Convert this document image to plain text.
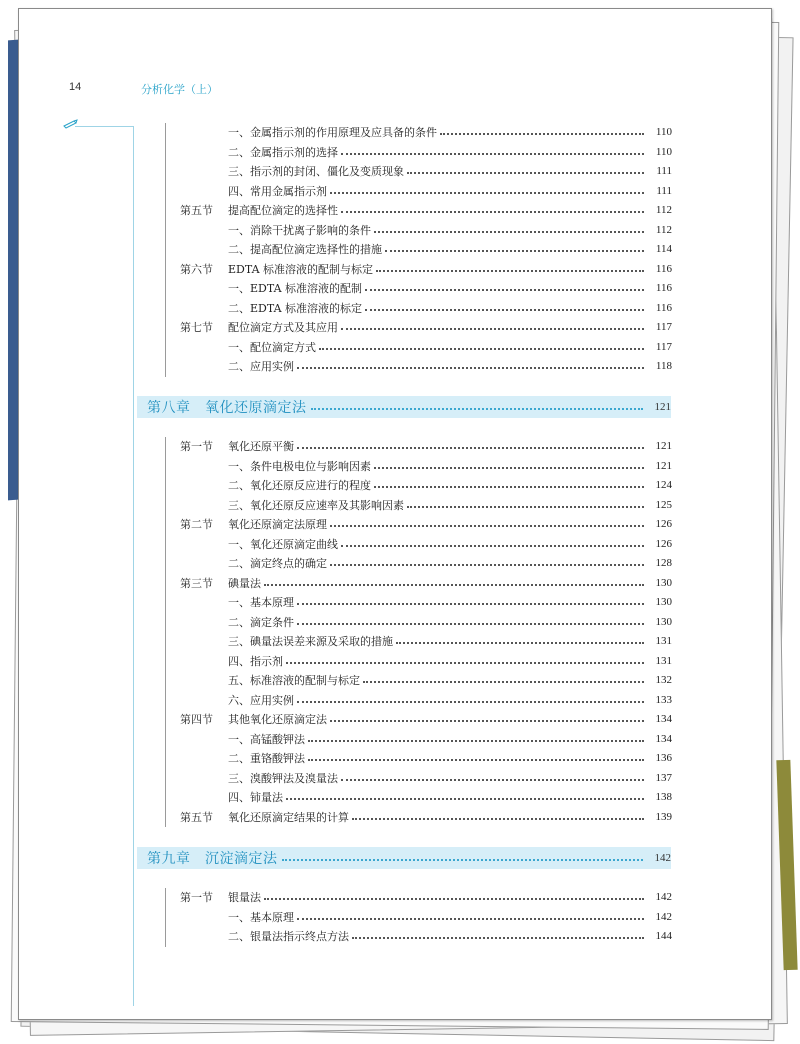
14	分析化学（上）
一、金属指示剂的作用原理及应具备的条件	110
二、金属指示剂的选择	110
三、指示剂的封闭、僵化及变质现象	111
四、常用金属指示剂	111
第五节	提高配位滴定的选择性	112
一、消除干扰离子影响的条件	112
二、提高配位滴定选择性的措施	114
第六节	EDTA 标准溶液的配制与标定	116
一、EDTA 标准溶液的配制	116
二、EDTA 标准溶液的标定	116
第七节	配位滴定方式及其应用	117
一、配位滴定方式	117
二、应用实例	118
第八章　氧化还原滴定法	121
第一节	氧化还原平衡	121
一、条件电极电位与影响因素	121
二、氧化还原反应进行的程度	124
三、氧化还原反应速率及其影响因素	125
第二节	氧化还原滴定法原理	126
一、氧化还原滴定曲线	126
二、滴定终点的确定	128
第三节	碘量法	130
一、基本原理	130
二、滴定条件	130
三、碘量法误差来源及采取的措施	131
四、指示剂	131
五、标准溶液的配制与标定	132
六、应用实例	133
第四节	其他氧化还原滴定法	134
一、高锰酸钾法	134
二、重铬酸钾法	136
三、溴酸钾法及溴量法	137
四、铈量法	138
第五节	氧化还原滴定结果的计算	139
第九章　沉淀滴定法	142
第一节	银量法	142
一、基本原理	142
二、银量法指示终点方法	144
